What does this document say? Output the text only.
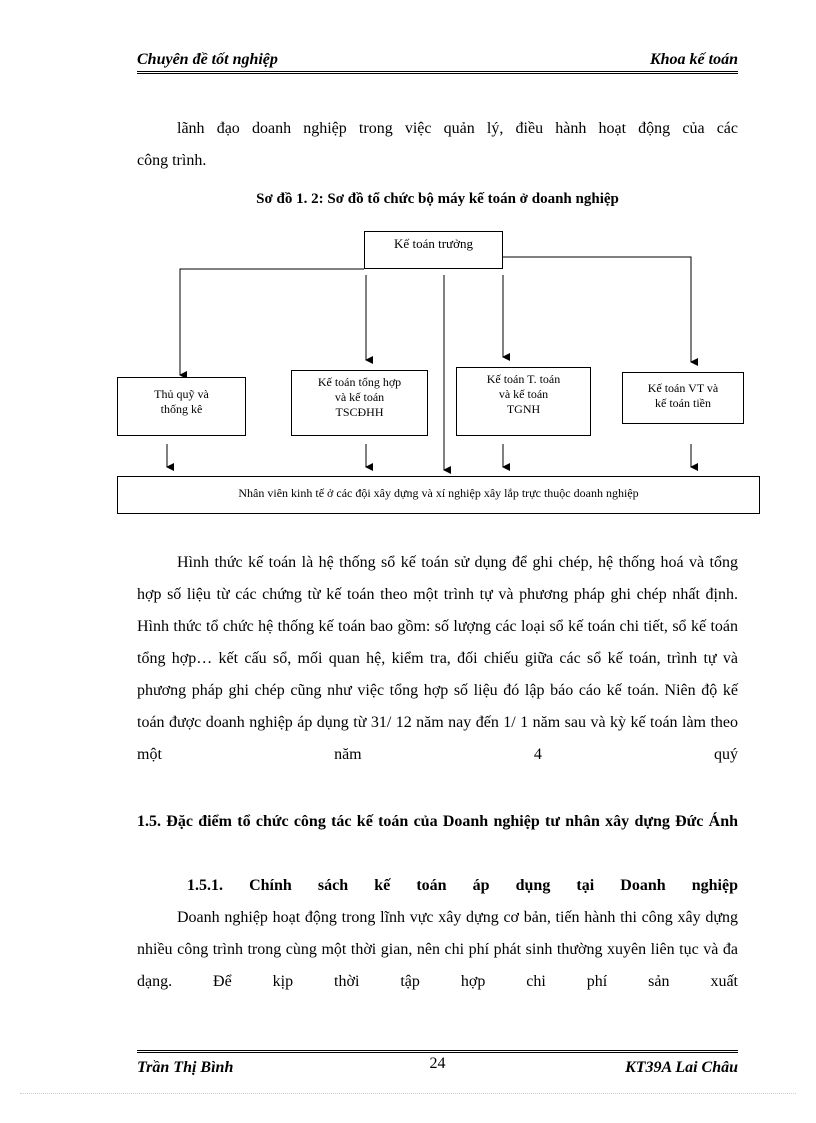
Chuyên đề tốt nghiệp	Khoa kế toán

lãnh đạo doanh nghiệp trong việc quản lý, điều hành hoạt động của các

công trình.

Sơ đồ 1. 2: Sơ đồ tổ chức bộ máy kế toán ở doanh nghiệp
Kế toán trưởng
Thủ quỹ và
thống kê
Kế toán tổng hợp
và kế toán
TSCĐHH
Kế toán T. toán
và kế toán
TGNH
Kế toán VT và
kế toán tiền
Nhân viên kinh tế ở các đội xây dựng và xí nghiệp xây lắp trực thuộc doanh nghiệp

Hình thức kế toán là hệ thống sổ kế toán sử dụng để ghi chép, hệ thống hoá và tổng hợp số liệu từ các chứng từ kế toán theo một trình tự và phương pháp ghi chép nhất định. Hình thức tổ chức hệ thống kế toán bao gồm: số lượng các loại sổ kế toán chi tiết, sổ kế toán tổng hợp… kết cấu sổ, mối quan hệ, kiểm tra, đối chiếu giữa các sổ kế toán, trình tự và phương pháp ghi chép cũng như việc tổng hợp số liệu đó lập báo cáo kế toán. Niên độ kế toán được doanh nghiệp áp dụng từ 31/ 12 năm nay đến 1/ 1 năm sau và kỳ kế toán làm theo một năm 4 quý

1.5. Đặc điểm tổ chức công tác kế toán của Doanh nghiệp tư nhân xây dựng Đức Ánh

1.5.1. Chính sách kế toán áp dụng tại Doanh nghiệp

Doanh nghiệp hoạt động trong lĩnh vực xây dựng cơ bản, tiến hành thi công xây dựng nhiều công trình trong cùng một thời gian, nên chi phí phát sinh thường xuyên liên tục và đa dạng. Để kịp thời tập hợp chi phí sản xuất

Trần Thị Bình	24	KT39A Lai Châu
